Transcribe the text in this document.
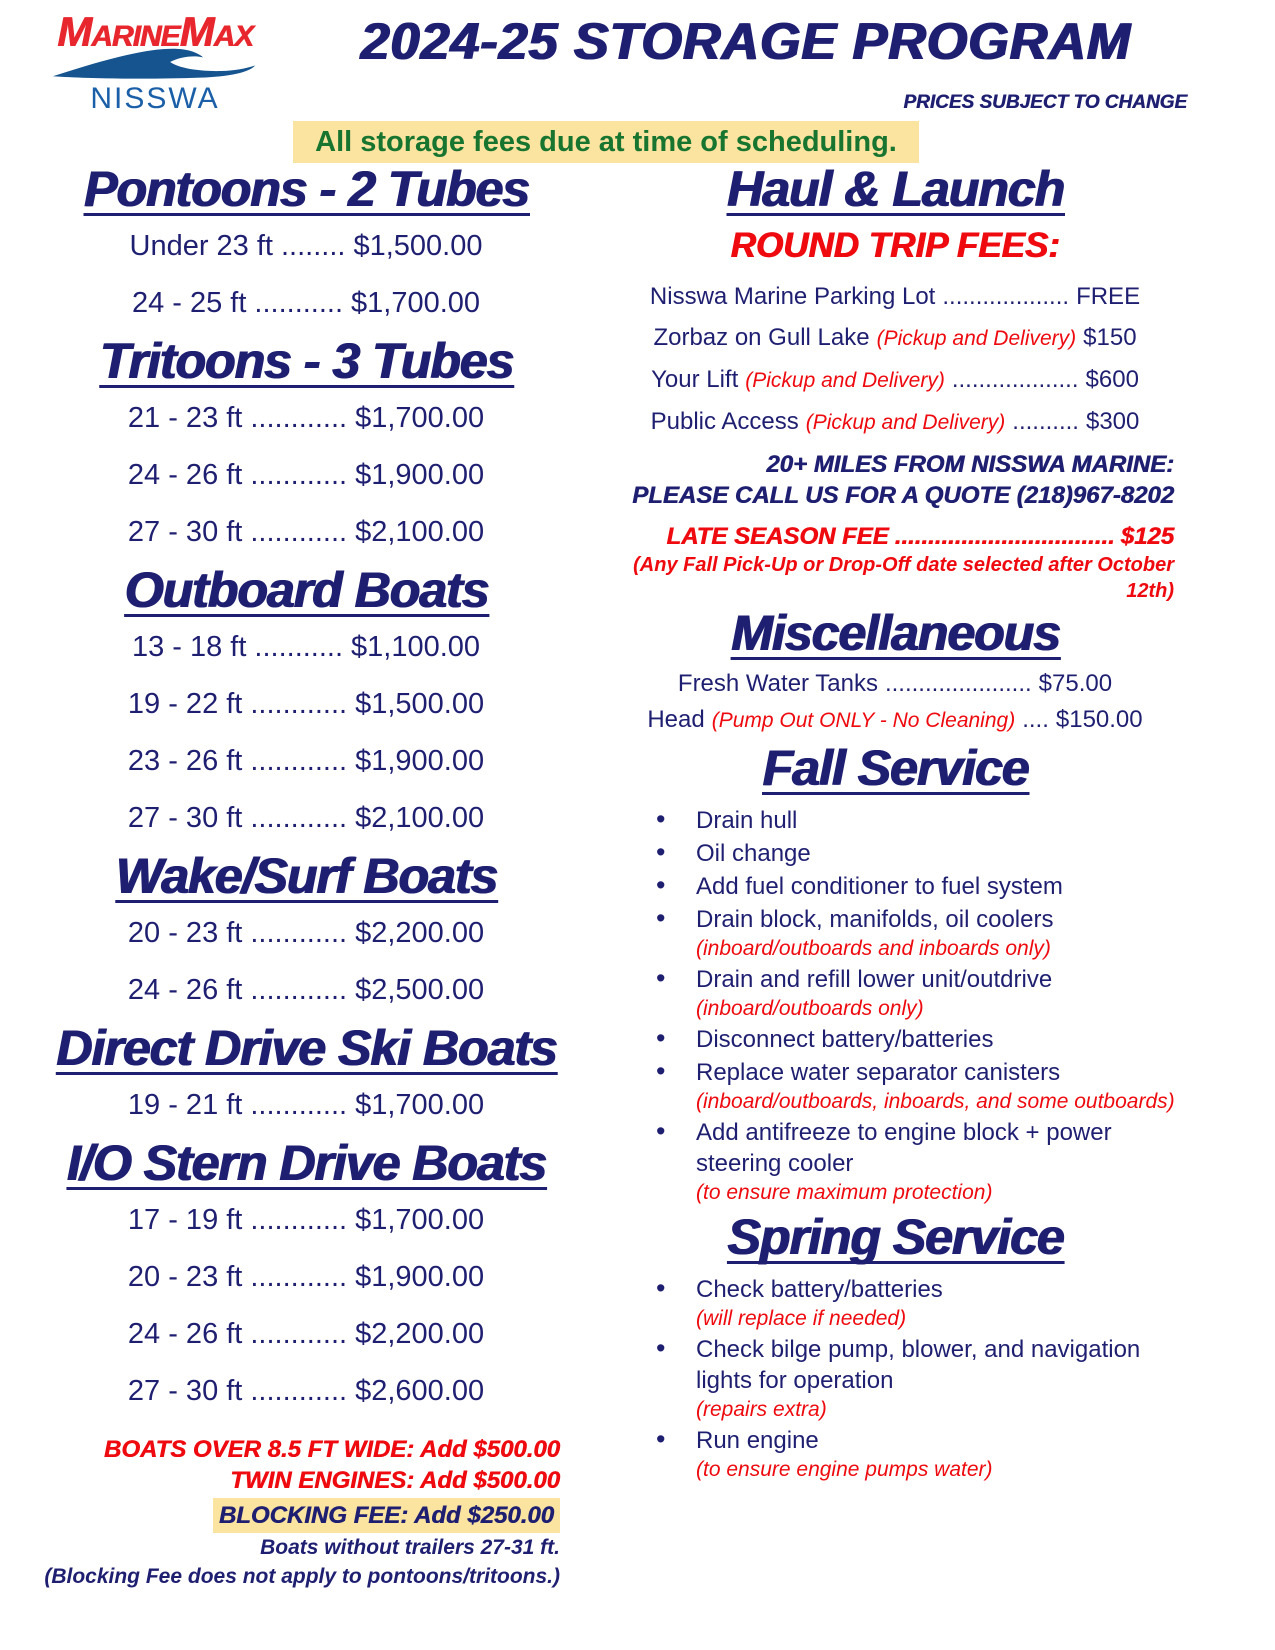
MARINEMAX
NISSWA
2024-25 STORAGE PROGRAM
PRICES SUBJECT TO CHANGE
All storage fees due at time of scheduling.
Pontoons - 2 Tubes
Under 23 ft ........ $1,500.00
24 - 25 ft ........... $1,700.00
Tritoons - 3 Tubes
21 - 23 ft ............ $1,700.00
24 - 26 ft ............ $1,900.00
27 - 30 ft ............ $2,100.00
Outboard Boats
13 - 18 ft ........... $1,100.00
19 - 22 ft ............ $1,500.00
23 - 26 ft ............ $1,900.00
27 - 30 ft ............ $2,100.00
Wake/Surf Boats
20 - 23 ft ............ $2,200.00
24 - 26 ft ............ $2,500.00
Direct Drive Ski Boats
19 - 21 ft ............ $1,700.00
I/O Stern Drive Boats
17 - 19 ft ............ $1,700.00
20 - 23 ft ............ $1,900.00
24 - 26 ft ............ $2,200.00
27 - 30 ft ............ $2,600.00
BOATS OVER 8.5 FT WIDE: Add $500.00
TWIN ENGINES: Add $500.00
BLOCKING FEE: Add $250.00
Boats without trailers 27-31 ft.
(Blocking Fee does not apply to pontoons/tritoons.)
Haul & Launch
ROUND TRIP FEES:
Nisswa Marine Parking Lot ................... FREE
Zorbaz on Gull Lake (Pickup and Delivery) $150
Your Lift (Pickup and Delivery) ................... $600
Public Access (Pickup and Delivery) .......... $300
20+ MILES FROM NISSWA MARINE:
PLEASE CALL US FOR A QUOTE (218)967-8202
LATE SEASON FEE ................................. $125
(Any Fall Pick-Up or Drop-Off date selected after October 12th)
Miscellaneous
Fresh Water Tanks ...................... $75.00
Head (Pump Out ONLY - No Cleaning) .... $150.00
Fall Service
• Drain hull
• Oil change
• Add fuel conditioner to fuel system
• Drain block, manifolds, oil coolers
(inboard/outboards and inboards only)
• Drain and refill lower unit/outdrive
(inboard/outboards only)
• Disconnect battery/batteries
• Replace water separator canisters
(inboard/outboards, inboards, and some outboards)
• Add antifreeze to engine block + power steering cooler
(to ensure maximum protection)
Spring Service
• Check battery/batteries
(will replace if needed)
• Check bilge pump, blower, and navigation lights for operation
(repairs extra)
• Run engine
(to ensure engine pumps water)
